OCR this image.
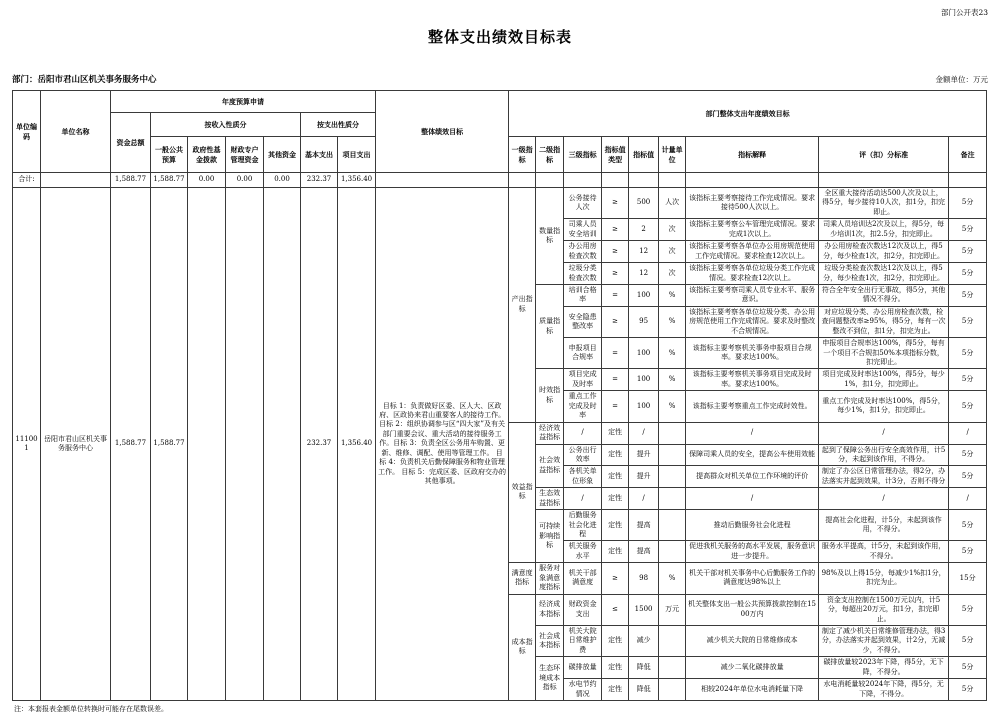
部门公开表23
整体支出绩效目标表
部门：岳阳市君山区机关事务服务中心	金额单位：万元
单位编码	单位名称	年度预算申请							整体绩效目标	部门整体支出年度绩效目标								
		资金总额	按收入性质分				按支出性质分											
			一般公共预算	政府性基金拨款	财政专户管理资金	其他资金	基本支出	项目支出		一级指标	二级指标	三级指标	指标值类型	指标值	计量单位	指标解释	评（扣）分标准	备注
合计:		1,588.77	1,588.77	0.00	0.00	0.00	232.37	1,356.40										
111001	岳阳市君山区机关事务服务中心	1,588.77	1,588.77				232.37	1,356.40	目标 1：负责做好区委、区人大、区政府、区政协来君山重要客人的接待工作。 目标 2：组织协调参与区“四大家”及有关部门重要会议、重大活动的接待服务工作。目标 3：负责全区公务用车购置、更新、维修、调配、使用等管理工作。 目标 4：负责机关后勤保障服务和物业管理工作。 目标 5：完成区委、区政府交办的其他事项。	产出指标	数量指标	公务接待人次	≥	500	人次	该指标主要考察接待工作完成情况。要求接待500人次以上。	全区重大接待活动达500人次及以上，得5分，每少接待10人次，扣1分，扣完即止。	5分
												司乘人员安全培训	≥	2	次	该指标主要考察公车管理完成情况。要求完成1次以上。	司乘人员培训达2次及以上，得5分，每少培训1次，扣2.5分，扣完即止。	5分
												办公用房检查次数	≥	12	次	该指标主要考察各单位办公用房规范使用工作完成情况。要求检查12次以上。	办公用房检查次数达12次及以上，得5分，每少检查1次，扣2分，扣完即止。	5分
												垃圾分类检查次数	≥	12	次	该指标主要考察各单位垃圾分类工作完成情况。要求检查12次以上。	垃圾分类检查次数达12次及以上，得5分，每少检查1次，扣2分，扣完即止。	5分
											质量指标	培训合格率	=	100	%	该指标主要考察司乘人员专业水平、服务意识。	符合全年安全出行无事故，得5分，其他情况不得分。	5分
												安全隐患整改率	≥	95	%	该指标主要考察各单位垃圾分类、办公用房规范使用工作完成情况。要求及时整改不合规情况。	对应垃圾分类、办公用房检查次数，检查问题整改率≥95%，得5分，每有一次整改不到位，扣1分，扣完为止。	5分
												申报项目合规率	=	100	%	该指标主要考察机关事务申报项目合规率。要求达100%。	申报项目合规率达100%，得5分，每有一个项目不合规扣50%本项指标分数，扣完即止。	5分
											时效指标	项目完成及时率	=	100	%	该指标主要考察机关事务项目完成及时率。要求达100%。	项目完成及时率达100%，得5分，每少1%，扣1分，扣完即止。	5分
												重点工作完成及时率	=	100	%	该指标主要考察重点工作完成时效性。	重点工作完成及时率达100%，得5分，每少1%，扣1分，扣完即止。	5分
										效益指标	经济效益指标	/	定性	/		/	/	/
											社会效益指标	公务出行效率	定性	提升		保障司乘人员的安全，提高公车使用效能	起到了保障公务出行安全高效作用，计5分，未起到该作用，不得分。	5分
												各机关单位形象	定性	提升		提高群众对机关单位工作环境的评价	制定了办公区日常管理办法，得2分，办法落实并起到效果，计3分，否则不得分	5分
											生态效益指标	/	定性	/		/	/	/
											可持续影响指标	后勤服务社会化进程	定性	提高		推动后勤服务社会化进程	提高社会化进程，计5分，未起到该作用，不得分。	5分
												机关服务水平	定性	提高		促进我机关服务的高水平发展，服务意识进一步提升。	服务水平提高，计5分，未起到该作用，不得分。	5分
										满意度指标	服务对象满意度指标	机关干部满意度	≥	98	%	机关干部对机关事务中心后勤服务工作的满意度达98%以上	98%及以上得15分，每减少1%扣1分，扣完为止。	15分
										成本指标	经济成本指标	财政资金支出	≤	1500	万元	机关整体支出一般公共预算拨款控制在1500万内	资金支出控制在1500万元以内，计5分，每超出20万元，扣1分，扣完即止。	5分
											社会成本指标	机关大院日常维护费	定性	减少		减少机关大院的日常维修成本	制定了减少机关日常维修管理办法，得3分，办法落实并起到效果，计2分，无减少，不得分。	5分
											生态环境成本指标	碳排放量	定性	降低		减少二氧化碳排放量	碳排放量较2023年下降，得5分，无下降，不得分。	5分
												水电节约情况	定性	降低		相较2024年单位水电消耗量下降	水电消耗量较2024年下降，得5分，无下降，不得分。	5分
注：本套报表金额单位转换时可能存在尾数误差。
